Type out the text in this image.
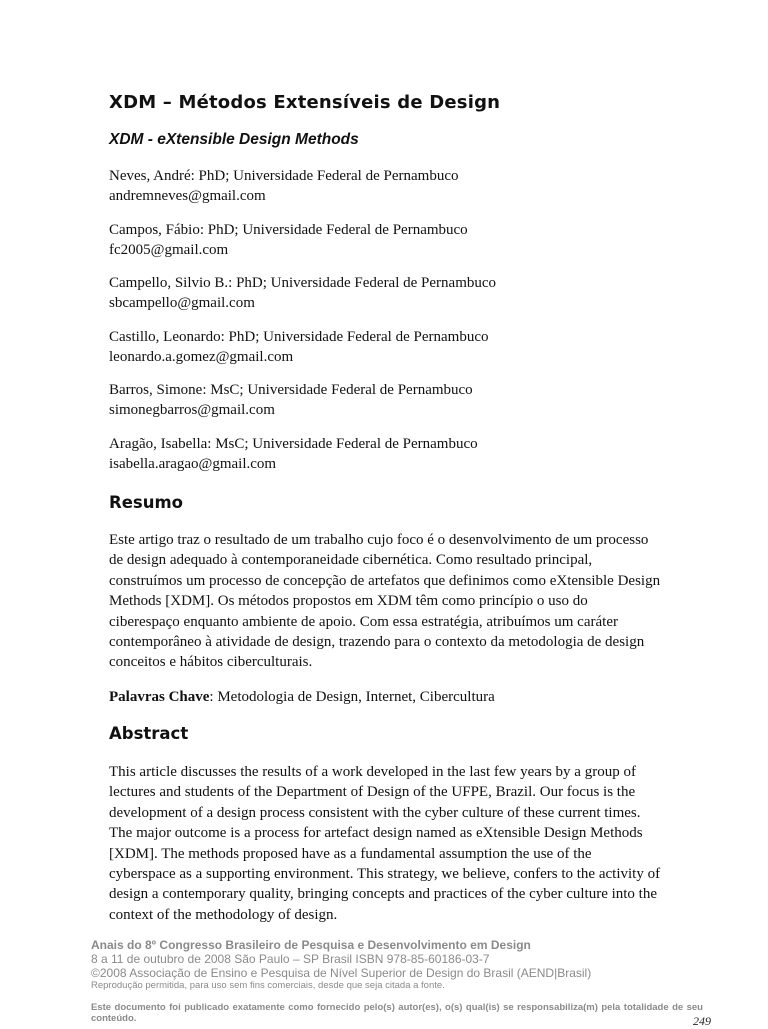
XDM – Métodos Extensíveis de Design
XDM - eXtensible Design Methods
Neves, André: PhD; Universidade Federal de Pernambuco
andremneves@gmail.com
Campos, Fábio: PhD; Universidade Federal de Pernambuco
fc2005@gmail.com
Campello, Silvio B.: PhD; Universidade Federal de Pernambuco
sbcampello@gmail.com
Castillo, Leonardo: PhD; Universidade Federal de Pernambuco
leonardo.a.gomez@gmail.com
Barros, Simone: MsC; Universidade Federal de Pernambuco
simonegbarros@gmail.com
Aragão, Isabella: MsC; Universidade Federal de Pernambuco
isabella.aragao@gmail.com
Resumo

Este artigo traz o resultado de um trabalho cujo foco é o desenvolvimento de um processo de design adequado à contemporaneidade cibernética. Como resultado principal, construímos um processo de concepção de artefatos que definimos como eXtensible Design Methods [XDM]. Os métodos propostos em XDM têm como princípio o uso do ciberespaço enquanto ambiente de apoio. Com essa estratégia, atribuímos um caráter contemporâneo à atividade de design, trazendo para o contexto da metodologia de design conceitos e hábitos ciberculturais.

Palavras Chave: Metodologia de Design, Internet, Cibercultura

Abstract

This article discusses the results of a work developed in the last few years by a group of lectures and students of the Department of Design of the UFPE, Brazil. Our focus is the development of a design process consistent with the cyber culture of these current times. The major outcome is a process for artefact design named as eXtensible Design Methods [XDM]. The methods proposed have as a fundamental assumption the use of the cyberspace as a supporting environment. This strategy, we believe, confers to the activity of design a contemporary quality, bringing concepts and practices of the cyber culture into the context of the methodology of design.

Anais do 8º Congresso Brasileiro de Pesquisa e Desenvolvimento em Design
8 a 11 de outubro de 2008 São Paulo – SP Brasil ISBN 978-85-60186-03-7
©2008 Associação de Ensino e Pesquisa de Nível Superior de Design do Brasil (AEND|Brasil)
Reprodução permitida, para uso sem fins comerciais, desde que seja citada a fonte.
Este documento foi publicado exatamente como fornecido pelo(s) autor(es), o(s) qual(is) se responsabiliza(m) pela totalidade de seu conteúdo.	249
